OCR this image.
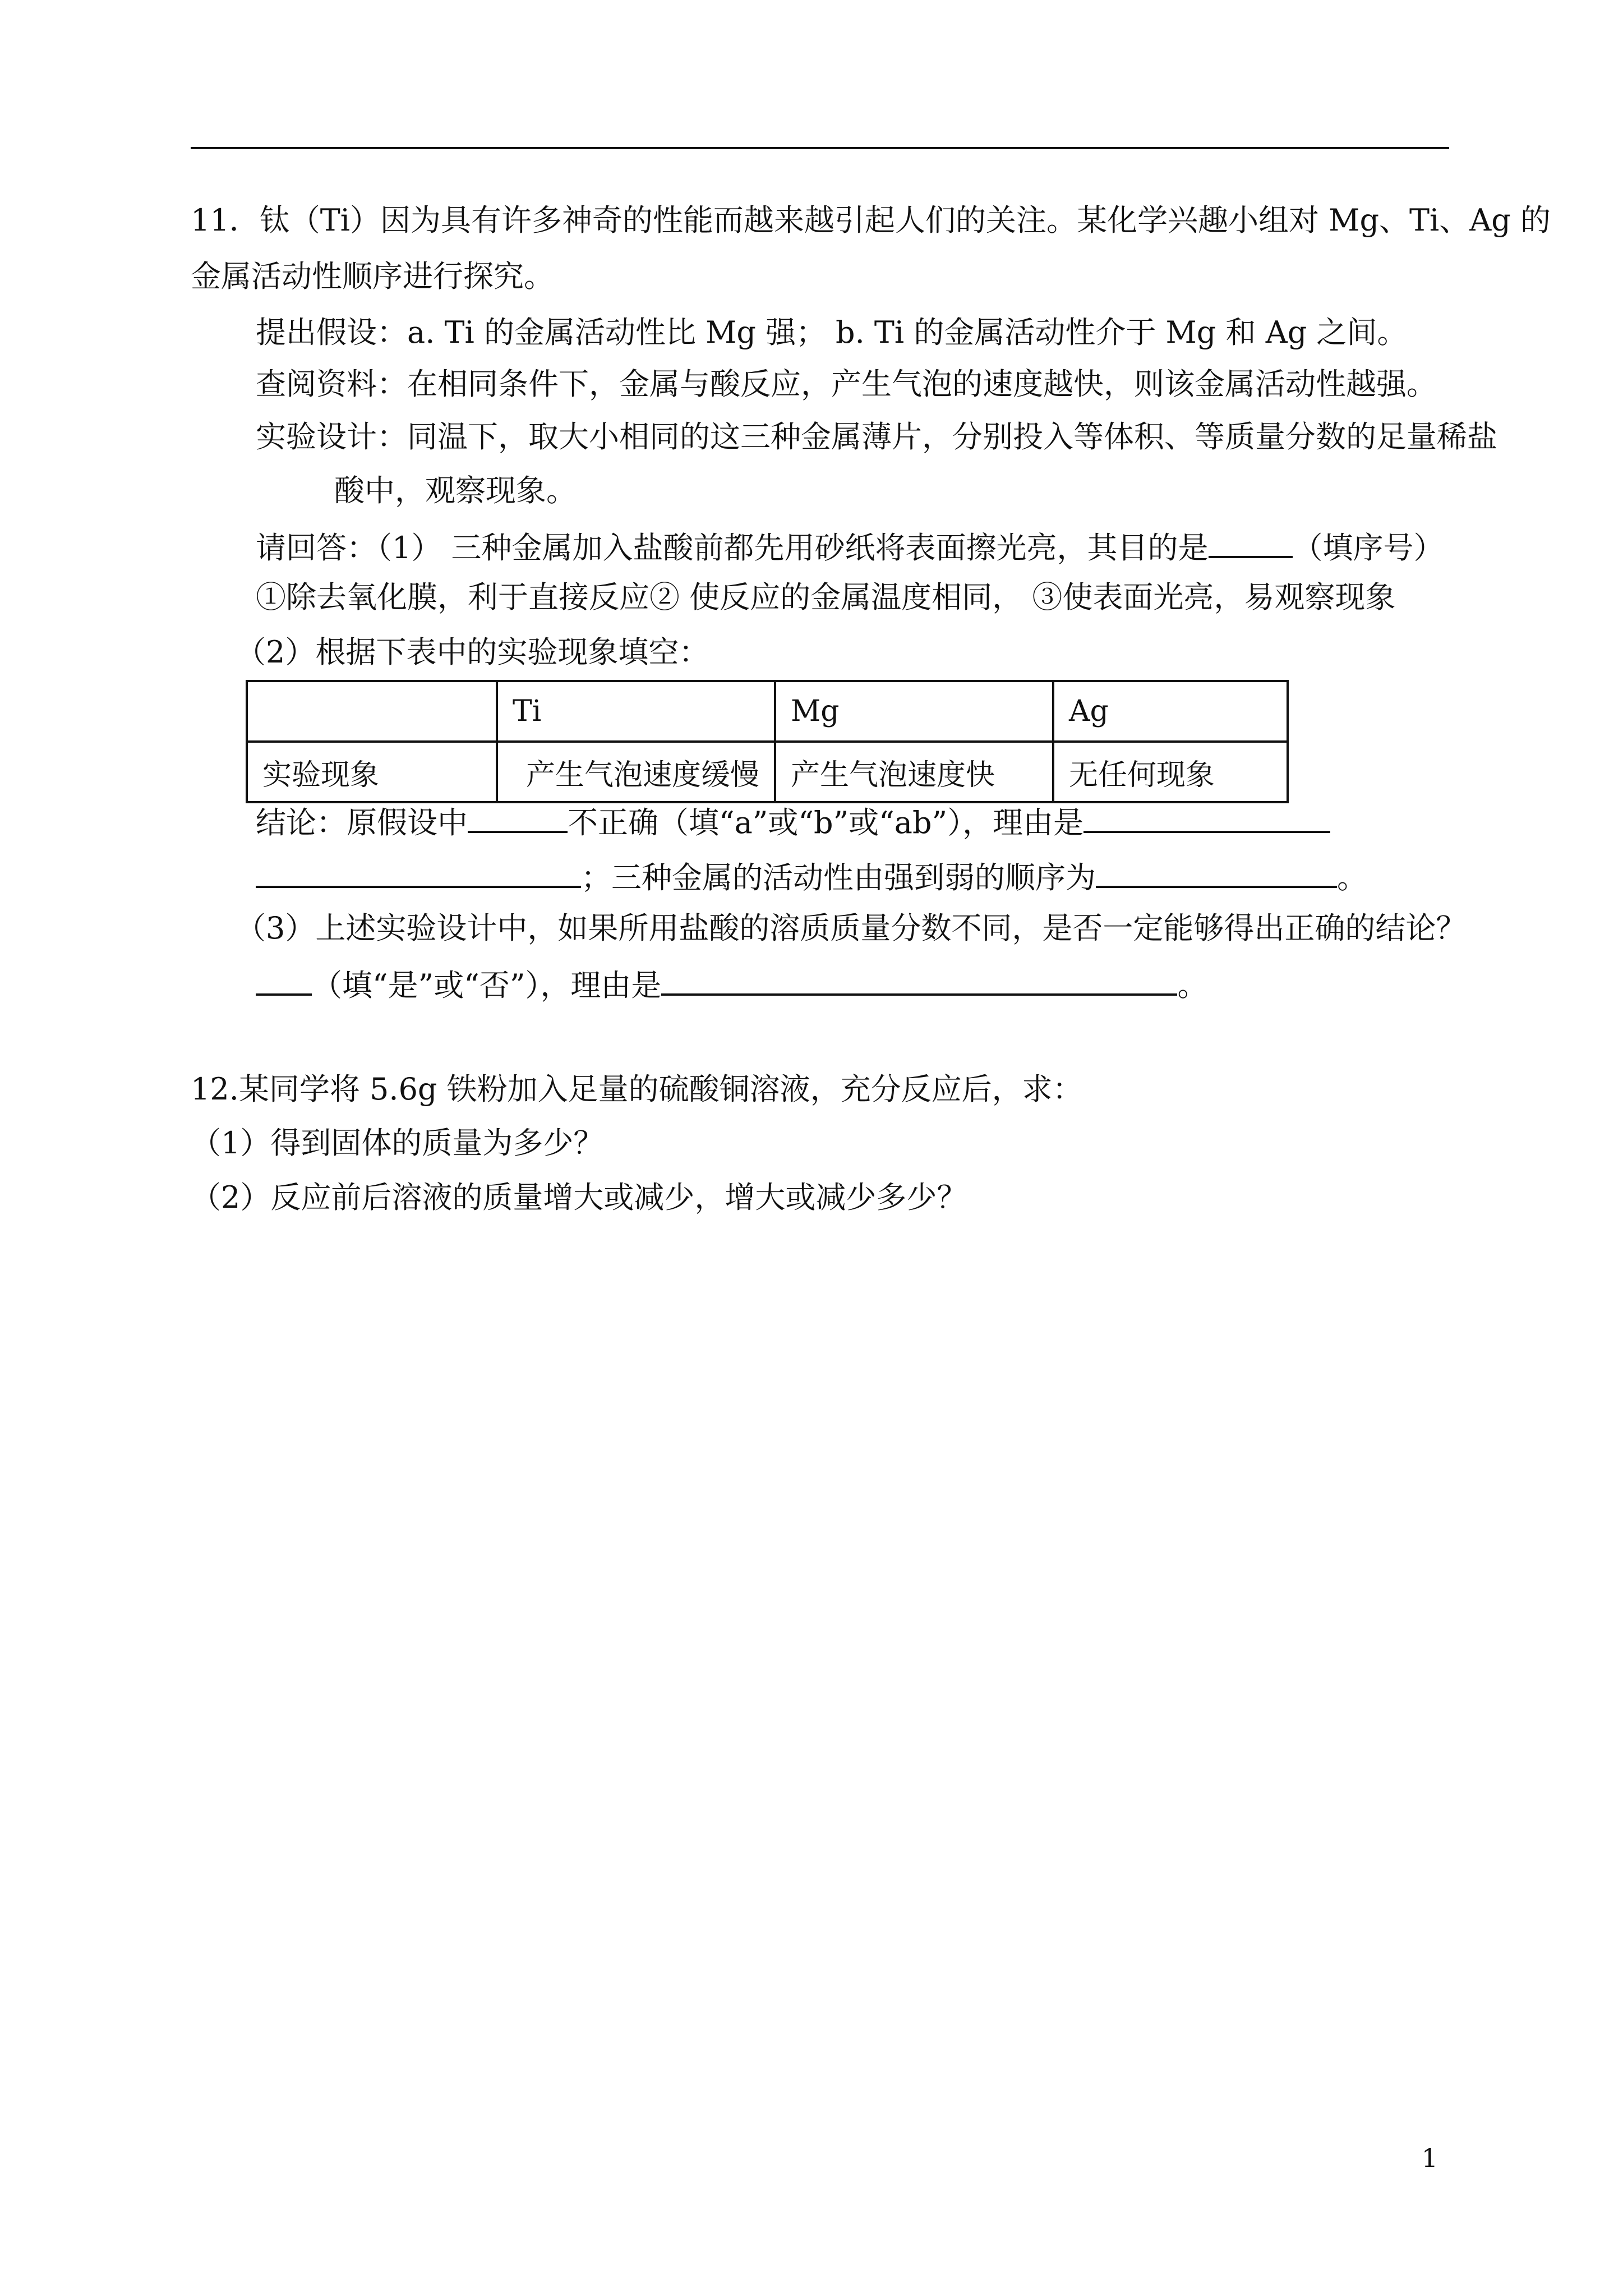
11．钛（Ti）因为具有许多神奇的性能而越来越引起人们的关注。某化学兴趣小组对 Mg、Ti、Ag 的
金属活动性顺序进行探究。
提出假设：a. Ti 的金属活动性比 Mg 强； b. Ti 的金属活动性介于 Mg 和 Ag 之间。
查阅资料：在相同条件下，金属与酸反应，产生气泡的速度越快，则该金属活动性越强。
实验设计：同温下，取大小相同的这三种金属薄片，分别投入等体积、等质量分数的足量稀盐
酸中，观察现象。
请回答：（1） 三种金属加入盐酸前都先用砂纸将表面擦光亮，其目的是	（填序号）
①除去氧化膜，利于直接反应② 使反应的金属温度相同， ③使表面光亮，易观察现象
（2）根据下表中的实验现象填空：
	Ti	Mg	Ag
实验现象	产生气泡速度缓慢	产生气泡速度快	无任何现象
结论：原假设中	不正确（填“a”或“b”或“ab”），理由是
；三种金属的活动性由强到弱的顺序为	。
（3）上述实验设计中，如果所用盐酸的溶质质量分数不同，是否一定能够得出正确的结论？
（填“是”或“否”），理由是	。
12.某同学将 5.6g 铁粉加入足量的硫酸铜溶液，充分反应后，求：
（1）得到固体的质量为多少？
（2）反应前后溶液的质量增大或减少，增大或减少多少？
1
